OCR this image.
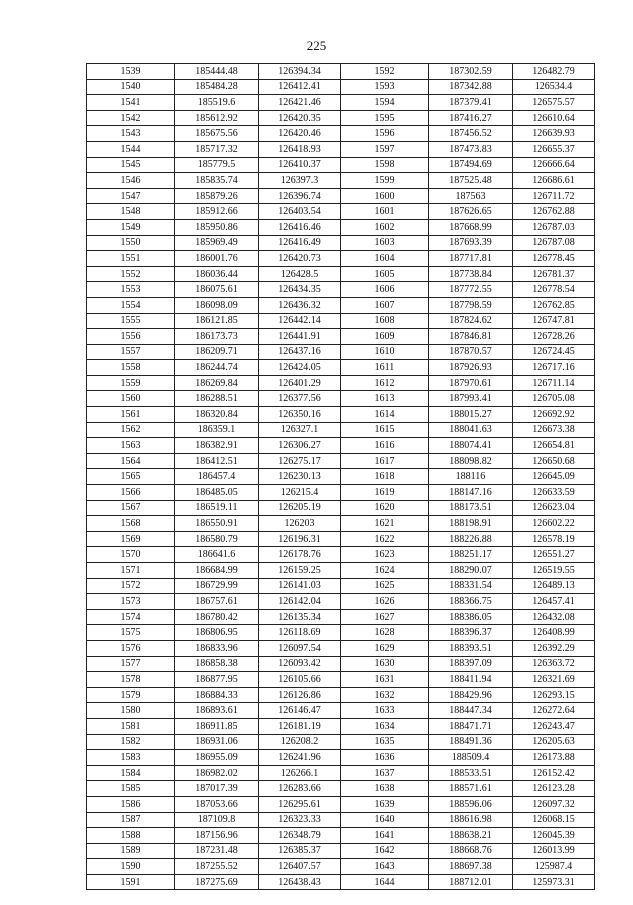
225
1539	185444.48	126394.34	1592	187302.59	126482.79
1540	185484.28	126412.41	1593	187342.88	126534.4
1541	185519.6	126421.46	1594	187379.41	126575.57
1542	185612.92	126420.35	1595	187416.27	126610.64
1543	185675.56	126420.46	1596	187456.52	126639.93
1544	185717.32	126418.93	1597	187473.83	126655.37
1545	185779.5	126410.37	1598	187494.69	126666.64
1546	185835.74	126397.3	1599	187525.48	126686.61
1547	185879.26	126396.74	1600	187563	126711.72
1548	185912.66	126403.54	1601	187626.65	126762.88
1549	185950.86	126416.46	1602	187668.99	126787.03
1550	185969.49	126416.49	1603	187693.39	126787.08
1551	186001.76	126420.73	1604	187717.81	126778.45
1552	186036.44	126428.5	1605	187738.84	126781.37
1553	186075.61	126434.35	1606	187772.55	126778.54
1554	186098.09	126436.32	1607	187798.59	126762.85
1555	186121.85	126442.14	1608	187824.62	126747.81
1556	186173.73	126441.91	1609	187846.81	126728.26
1557	186209.71	126437.16	1610	187870.57	126724.45
1558	186244.74	126424.05	1611	187926.93	126717.16
1559	186269.84	126401.29	1612	187970.61	126711.14
1560	186288.51	126377.56	1613	187993.41	126705.08
1561	186320.84	126350.16	1614	188015.27	126692.92
1562	186359.1	126327.1	1615	188041.63	126673.38
1563	186382.91	126306.27	1616	188074.41	126654.81
1564	186412.51	126275.17	1617	188098.82	126650.68
1565	186457.4	126230.13	1618	188116	126645.09
1566	186485.05	126215.4	1619	188147.16	126633.59
1567	186519.11	126205.19	1620	188173.51	126623.04
1568	186550.91	126203	1621	188198.91	126602.22
1569	186580.79	126196.31	1622	188226.88	126578.19
1570	186641.6	126178.76	1623	188251.17	126551.27
1571	186684.99	126159.25	1624	188290.07	126519.55
1572	186729.99	126141.03	1625	188331.54	126489.13
1573	186757.61	126142.04	1626	188366.75	126457.41
1574	186780.42	126135.34	1627	188386.05	126432.08
1575	186806.95	126118.69	1628	188396.37	126408.99
1576	186833.96	126097.54	1629	188393.51	126392.29
1577	186858.38	126093.42	1630	188397.09	126363.72
1578	186877.95	126105.66	1631	188411.94	126321.69
1579	186884.33	126126.86	1632	188429.96	126293.15
1580	186893.61	126146.47	1633	188447.34	126272.64
1581	186911.85	126181.19	1634	188471.71	126243.47
1582	186931.06	126208.2	1635	188491.36	126205.63
1583	186955.09	126241.96	1636	188509.4	126173.88
1584	186982.02	126266.1	1637	188533.51	126152.42
1585	187017.39	126283.66	1638	188571.61	126123.28
1586	187053.66	126295.61	1639	188596.06	126097.32
1587	187109.8	126323.33	1640	188616.98	126068.15
1588	187156.96	126348.79	1641	188638.21	126045.39
1589	187231.48	126385.37	1642	188668.76	126013.99
1590	187255.52	126407.57	1643	188697.38	125987.4
1591	187275.69	126438.43	1644	188712.01	125973.31
